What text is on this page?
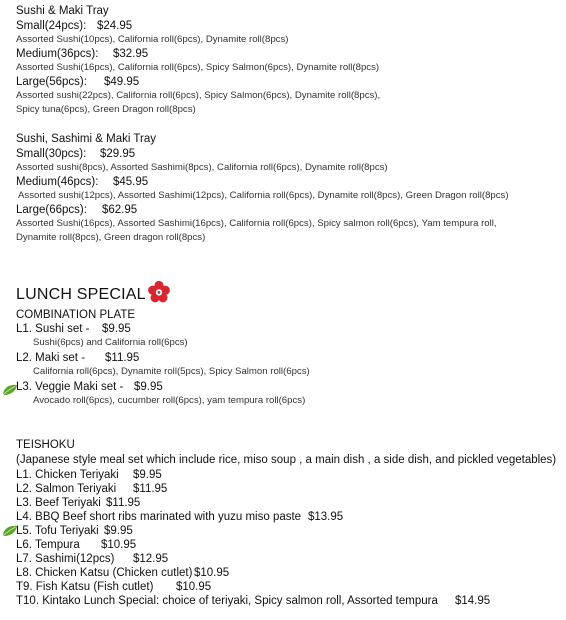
Sushi & Maki Tray
Small(24pcs): $24.95
Assorted Sushi(10pcs), California roll(6pcs), Dynamite roll(8pcs)
Medium(36pcs): $32.95
Assorted Sushi(16pcs), California roll(6pcs), Spicy Salmon(6pcs), Dynamite roll(8pcs)
Large(56pcs): $49.95
Assorted sushi(22pcs), California roll(6pcs), Spicy Salmon(6pcs), Dynamite roll(8pcs),
Spicy tuna(6pcs), Green Dragon roll(8pcs)
Sushi, Sashimi & Maki Tray
Small(30pcs): $29.95
Assorted sushi(8pcs), Assorted Sashimi(8pcs), California roll(6pcs), Dynamite roll(8pcs)
Medium(46pcs): $45.95
Assorted sushi(12pcs), Assorted Sashimi(12pcs), California roll(6pcs), Dynamite roll(8pcs), Green Dragon roll(8pcs)
Large(66pcs): $62.95
Assorted Sushi(16pcs), Assorted Sashimi(16pcs), California roll(6pcs), Spicy salmon roll(6pcs), Yam tempura roll,
Dynamite roll(8pcs), Green dragon roll(8pcs)
LUNCH SPECIAL
COMBINATION PLATE
L1. Sushi set - $9.95
Sushi(6pcs) and California roll(6pcs)
L2. Maki set - $11.95
California roll(6pcs), Dynamite roll(5pcs), Spicy Salmon roll(6pcs)
L3. Veggie Maki set - $9.95
Avocado roll(6pcs), cucumber roll(6pcs), yam tempura roll(6pcs)
TEISHOKU
(Japanese style meal set which include rice, miso soup , a main dish , a side dish, and pickled vegetables)
L1. Chicken Teriyaki $9.95
L2. Salmon Teriyaki $11.95
L3. Beef Teriyaki $11.95
L4. BBQ Beef short ribs marinated with yuzu miso paste $13.95
L5. Tofu Teriyaki $9.95
L6. Tempura $10.95
L7. Sashimi(12pcs) $12.95
L8. Chicken Katsu (Chicken cutlet) $10.95
T9. Fish Katsu (Fish cutlet) $10.95
T10. Kintako Lunch Special: choice of teriyaki, Spicy salmon roll, Assorted tempura $14.95
